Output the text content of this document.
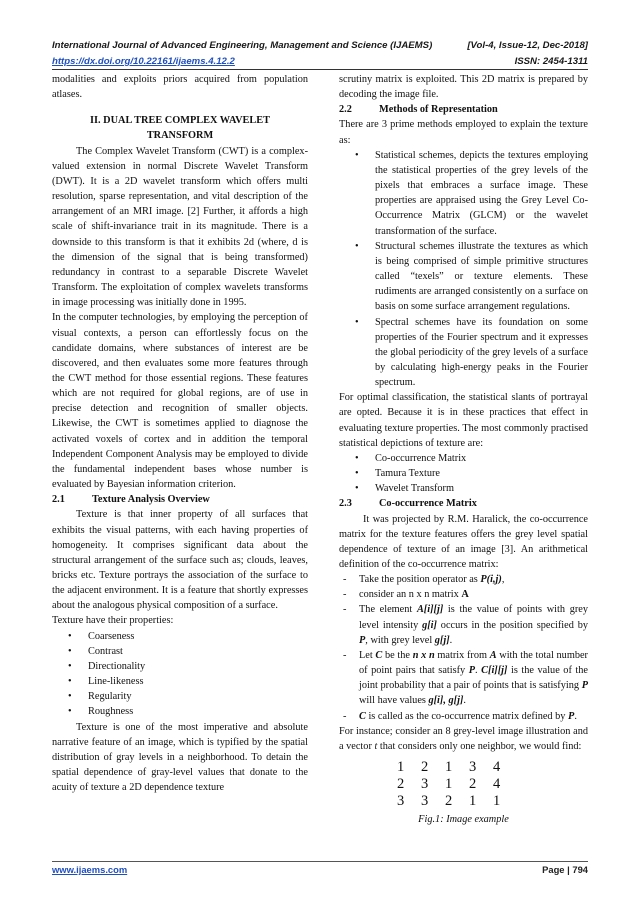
International Journal of Advanced Engineering, Management and Science (IJAEMS)	[Vol-4, Issue-12, Dec-2018]
https://dx.doi.org/10.22161/ijaems.4.12.2	ISSN: 2454-1311

modalities and exploits priors acquired from population atlases.

II. DUAL TREE COMPLEX WAVELET TRANSFORM

The Complex Wavelet Transform (CWT) is a complex-valued extension in normal Discrete Wavelet Transform (DWT). It is a 2D wavelet transform which offers multi resolution, sparse representation, and vital description of the arrangement of an MRI image. [2] Further, it affords a high scale of shift-invariance trait in its magnitude. There is a downside to this transform is that it exhibits 2d (where, d is the dimension of the signal that is being transformed) redundancy in contrast to a separable Discrete Wavelet Transform. The exploitation of complex wavelets transforms in image processing was initially done in 1995.

In the computer technologies, by employing the perception of visual contexts, a person can effortlessly focus on the candidate domains, where substances of interest are be discovered, and then evaluates some more features through the CWT method for those essential regions. These features which are not required for global regions, are of use in precise detection and recognition of smaller objects. Likewise, the CWT is sometimes applied to diagnose the activated voxels of cortex and in addition the temporal Independent Component Analysis may be employed to divide the fundamental independent bases whose number is evaluated by Bayesian information criterion.

2.1	Texture Analysis Overview

Texture is that inner property of all surfaces that exhibits the visual patterns, with each having properties of homogeneity. It comprises significant data about the structural arrangement of the surface such as; clouds, leaves, bricks etc. Texture portrays the association of the surface to the adjacent environment. It is a feature that shortly expresses about the analogous physical composition of a surface.

Texture have their properties:

• Coarseness
• Contrast
• Directionality
• Line-likeness
• Regularity
• Roughness

Texture is one of the most imperative and absolute narrative feature of an image, which is typified by the spatial distribution of gray levels in a neighborhood. To detain the spatial dependence of gray-level values that donate to the acuity of texture a 2D dependence texture

scrutiny matrix is exploited. This 2D matrix is prepared by decoding the image file.

2.2	Methods of Representation

There are 3 prime methods employed to explain the texture as:

• Statistical schemes, depicts the textures employing the statistical properties of the grey levels of the pixels that embraces a surface image. These properties are appraised using the Grey Level Co-Occurrence Matrix (GLCM) or the wavelet transformation of the surface.
• Structural schemes illustrate the textures as which is being comprised of simple primitive structures called “texels” or texture elements. These rudiments are arranged consistently on a surface on basis on some surface arrangement regulations.
• Spectral schemes have its foundation on some properties of the Fourier spectrum and it expresses the global periodicity of the grey levels of a surface by calculating high-energy peaks in the Fourier spectrum.

For optimal classification, the statistical slants of portrayal are opted. Because it is in these practices that effect in evaluating texture properties. The most commonly practised statistical depictions of texture are:

• Co-occurrence Matrix
• Tamura Texture
• Wavelet Transform
2.3	Co-occurrence Matrix

It was projected by R.M. Haralick, the co-occurrence matrix for the texture features offers the grey level spatial dependence of texture of an image [3]. An arithmetical definition of the co-occurrence matrix:

- Take the position operator as P(i,j),
- consider an n x n matrix A
- The element A[i][j] is the value of points with grey level intensity g[i] occurs in the position specified by P, with grey level g[j].
- Let C be the n x n matrix from A with the total number of point pairs that satisfy P. C[i][j] is the value of the joint probability that a pair of points that is satisfying P will have values g[i], g[j].
- C is called as the co-occurrence matrix defined by P.

For instance; consider an 8 grey-level image illustration and a vector t that considers only one neighbor, we would find:

1 2 1 3 4
2 3 1 2 4
3 3 2 1 1
Fig.1: Image example
www.ijaems.com	Page | 794
